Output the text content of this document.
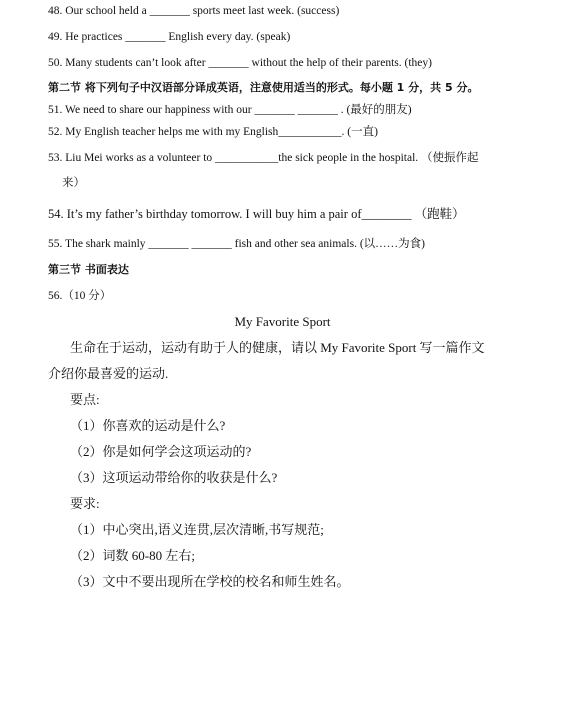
48. Our school held a _______ sports meet last week. (success)
49. He practices _______ English every day. (speak)
50. Many students can’t look after _______ without the help of their parents. (they)
第二节 将下列句子中汉语部分译成英语，注意使用适当的形式。每小题 1 分，共 5 分。
51. We need to share our happiness with our _______ _______ . (最好的朋友)
52. My English teacher helps me with my English___________. (一直)
53. Liu Mei works as a volunteer to ___________the sick people in the hospital. （使振作起
来）
54. It’s my father’s birthday tomorrow. I will buy him a pair of________ （跑鞋）
55. The shark mainly _______ _______ fish and other sea animals. (以……为食)
第三节 书面表达
56.（10 分）
My Favorite Sport
生命在于运动，运动有助于人的健康，请以 My Favorite Sport 写一篇作文
介绍你最喜爱的运动.
要点:
（1）你喜欢的运动是什么?
（2）你是如何学会这项运动的?
（3）这项运动带给你的收获是什么?
要求:
（1）中心突出,语义连贯,层次清晰,书写规范;
（2）词数 60-80 左右;
（3）文中不要出现所在学校的校名和师生姓名。
